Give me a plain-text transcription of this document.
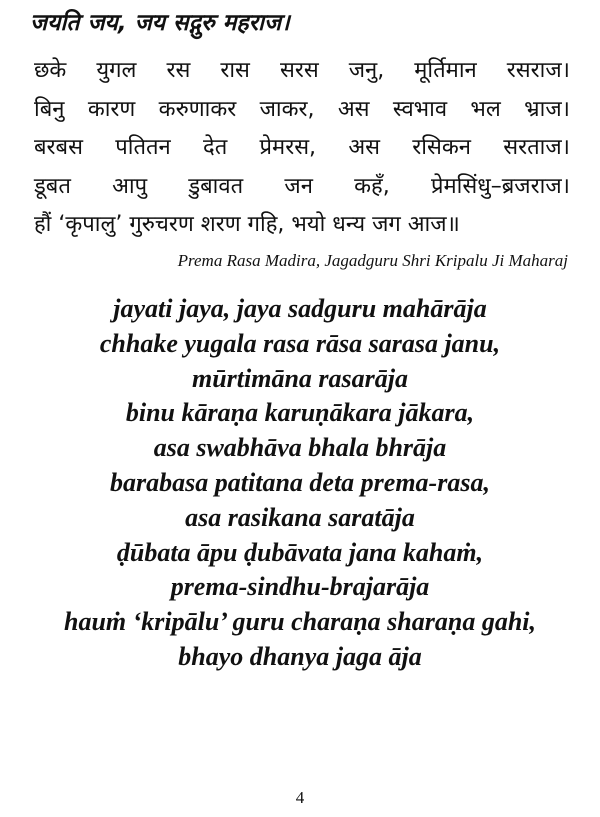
जयति जय, जय सद्गुरु महराज।
छके युगल रस रास सरस जनु, मूर्तिमान रसराज।
बिनु कारण करुणाकर जाकर, अस स्वभाव भल भ्राज।
बरबस पतितन देत प्रेमरस, अस रसिकन सरताज।
डूबत आपु डुबावत जन कहँ, प्रेमसिंधु–ब्रजराज।
हौं ‘कृपालु’ गुरुचरण शरण गहि, भयो धन्य जग आज॥
Prema Rasa Madira, Jagadguru Shri Kripalu Ji Maharaj
jayati jaya, jaya sadguru mahārāja
chhake yugala rasa rāsa sarasa janu,
mūrtimāna rasarāja
binu kāraṇa karuṇākara jākara,
asa swabhāva bhala bhrāja
barabasa patitana deta prema-rasa,
asa rasikana saratāja
ḍūbata āpu ḍubāvata jana kahaṁ,
prema-sindhu-brajarāja
hauṁ ‘kripālu’ guru charaṇa sharaṇa gahi,
bhayo dhanya jaga āja
4
